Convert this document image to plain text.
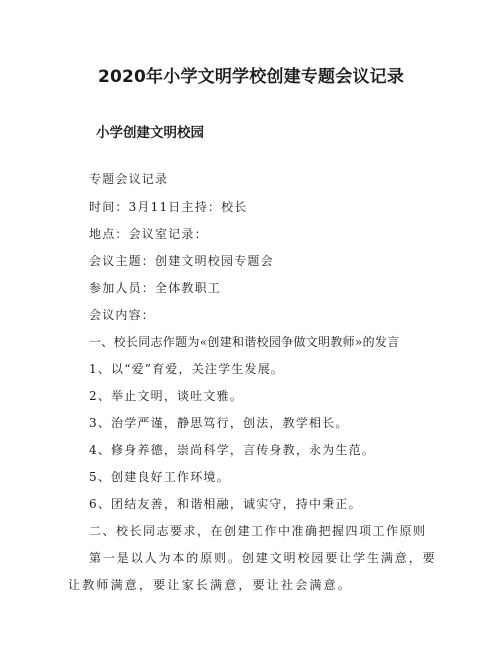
2020年小学文明学校创建专题会议记录
小学创建文明校园
专题会议记录
时间：3月11日主持：校长
地点：会议室记录：
会议主题：创建文明校园专题会
参加人员：全体教职工
会议内容：
一、校长同志作题为«创建和谐校园争做文明教师»的发言
1、以“爱”育爱，关注学生发展。
2、举止文明，谈吐文雅。
3、治学严谨，静思笃行，创法，教学相长。
4、修身养德，崇尚科学，言传身教，永为生范。
5、创建良好工作环境。
6、团结友善，和谐相融，诚实守，持中秉正。
二、校长同志要求，在创建工作中准确把握四项工作原则
第一是以人为本的原则。创建文明校园要让学生满意，要
让教师满意，要让家长满意，要让社会满意。
